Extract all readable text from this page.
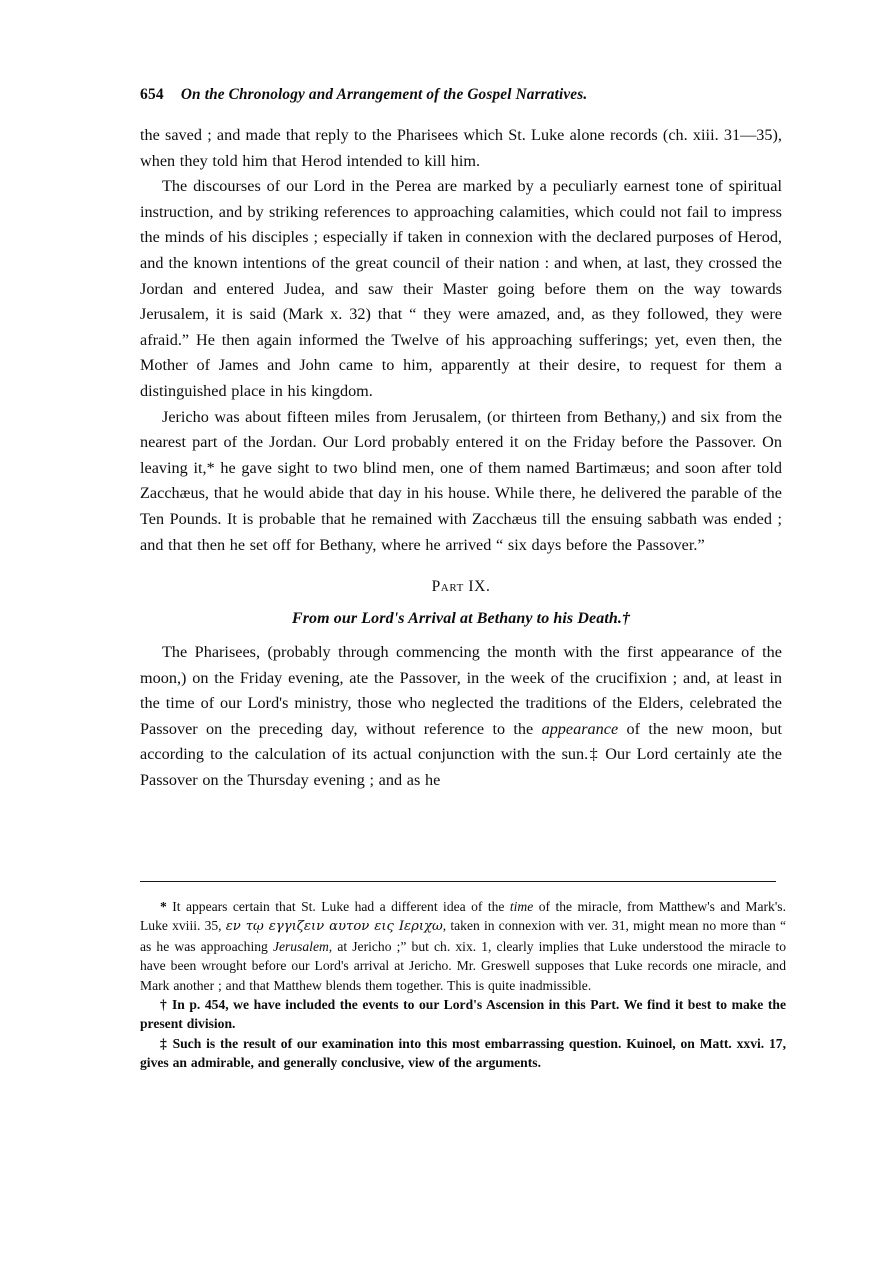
654 On the Chronology and Arrangement of the Gospel Narratives.

the saved ; and made that reply to the Pharisees which St. Luke alone records (ch. xiii. 31—35), when they told him that Herod intended to kill him.

The discourses of our Lord in the Perea are marked by a peculiarly earnest tone of spiritual instruction, and by striking references to approaching calamities, which could not fail to impress the minds of his disciples ; especially if taken in connexion with the declared purposes of Herod, and the known intentions of the great council of their nation : and when, at last, they crossed the Jordan and entered Judea, and saw their Master going before them on the way towards Jerusalem, it is said (Mark x. 32) that “ they were amazed, and, as they followed, they were afraid.” He then again informed the Twelve of his approaching sufferings; yet, even then, the Mother of James and John came to him, apparently at their desire, to request for them a distinguished place in his kingdom.

Jericho was about fifteen miles from Jerusalem, (or thirteen from Bethany,) and six from the nearest part of the Jordan. Our Lord probably entered it on the Friday before the Passover. On leaving it,* he gave sight to two blind men, one of them named Bartimæus; and soon after told Zacchæus, that he would abide that day in his house. While there, he delivered the parable of the Ten Pounds. It is probable that he remained with Zacchæus till the ensuing sabbath was ended ; and that then he set off for Bethany, where he arrived “ six days before the Passover.”

Part IX.
From our Lord's Arrival at Bethany to his Death.†

The Pharisees, (probably through commencing the month with the first appearance of the moon,) on the Friday evening, ate the Passover, in the week of the crucifixion ; and, at least in the time of our Lord's ministry, those who neglected the traditions of the Elders, celebrated the Passover on the preceding day, without reference to the appearance of the new moon, but according to the calculation of its actual conjunction with the sun.‡ Our Lord certainly ate the Passover on the Thursday evening ; and as he

* It appears certain that St. Luke had a different idea of the time of the miracle, from Matthew's and Mark's. Luke xviii. 35, εν τῳ εγγιζειν αυτον εις Ιεριχω, taken in connexion with ver. 31, might mean no more than “ as he was approaching Jerusalem, at Jericho ;” but ch. xix. 1, clearly implies that Luke understood the miracle to have been wrought before our Lord's arrival at Jericho. Mr. Greswell supposes that Luke records one miracle, and Mark another ; and that Matthew blends them together. This is quite inadmissible.

† In p. 454, we have included the events to our Lord's Ascension in this Part. We find it best to make the present division.

‡ Such is the result of our examination into this most embarrassing question. Kuinoel, on Matt. xxvi. 17, gives an admirable, and generally conclusive, view of the arguments.
